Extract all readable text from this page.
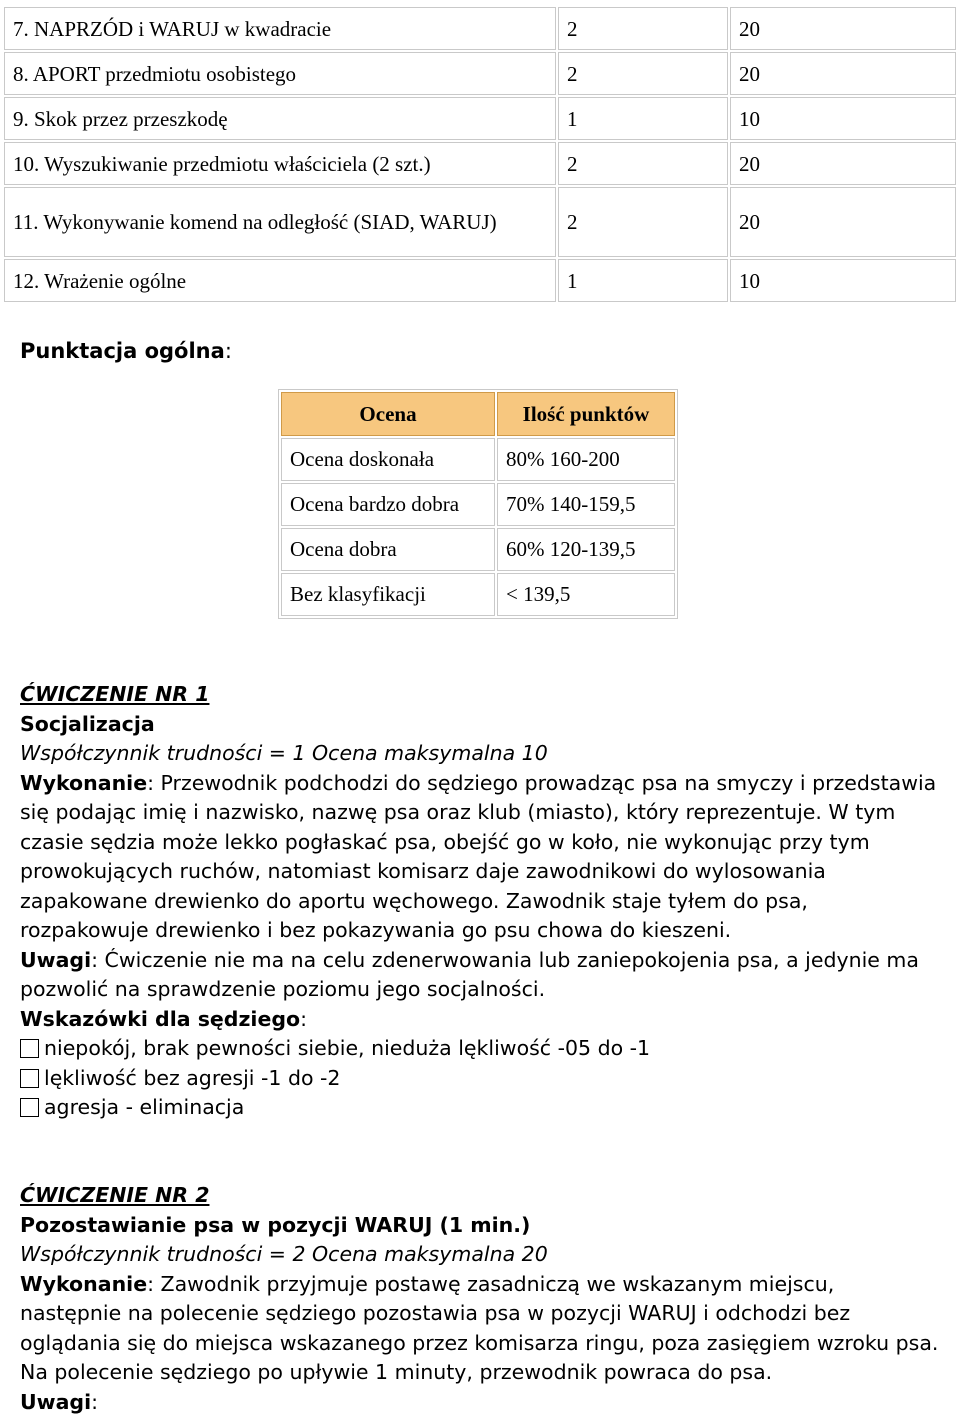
7. NAPRZÓD i WARUJ w kwadracie	2	20
8. APORT przedmiotu osobistego	2	20
9. Skok przez przeszkodę	1	10
10. Wyszukiwanie przedmiotu właściciela (2 szt.)	2	20
11. Wykonywanie komend na odległość (SIAD, WARUJ)	2	20
12. Wrażenie ogólne	1	10
Punktacja ogólna:
Ocena	Ilość punktów
Ocena doskonała	80% 160-200
Ocena bardzo dobra	70% 140-159,5
Ocena dobra	60% 120-139,5
Bez klasyfikacji	< 139,5
ĆWICZENIE NR 1
Socjalizacja
Współczynnik trudności = 1 Ocena maksymalna 10
Wykonanie: Przewodnik podchodzi do sędziego prowadząc psa na smyczy i przedstawia się podając imię i nazwisko, nazwę psa oraz klub (miasto), który reprezentuje. W tym czasie sędzia może lekko pogłaskać psa, obejść go w koło, nie wykonując przy tym prowokujących ruchów, natomiast komisarz daje zawodnikowi do wylosowania zapakowane drewienko do aportu węchowego. Zawodnik staje tyłem do psa, rozpakowuje drewienko i bez pokazywania go psu chowa do kieszeni.
Uwagi: Ćwiczenie nie ma na celu zdenerwowania lub zaniepokojenia psa, a jedynie ma pozwolić na sprawdzenie poziomu jego socjalności.
Wskazówki dla sędziego:
niepokój, brak pewności siebie, nieduża lękliwość -05 do -1
lękliwość bez agresji -1 do -2
agresja - eliminacja
ĆWICZENIE NR 2
Pozostawianie psa w pozycji WARUJ (1 min.)
Współczynnik trudności = 2 Ocena maksymalna 20
Wykonanie: Zawodnik przyjmuje postawę zasadniczą we wskazanym miejscu, następnie na polecenie sędziego pozostawia psa w pozycji WARUJ i odchodzi bez oglądania się do miejsca wskazanego przez komisarza ringu, poza zasięgiem wzroku psa. Na polecenie sędziego po upływie 1 minuty, przewodnik powraca do psa.
Uwagi:
